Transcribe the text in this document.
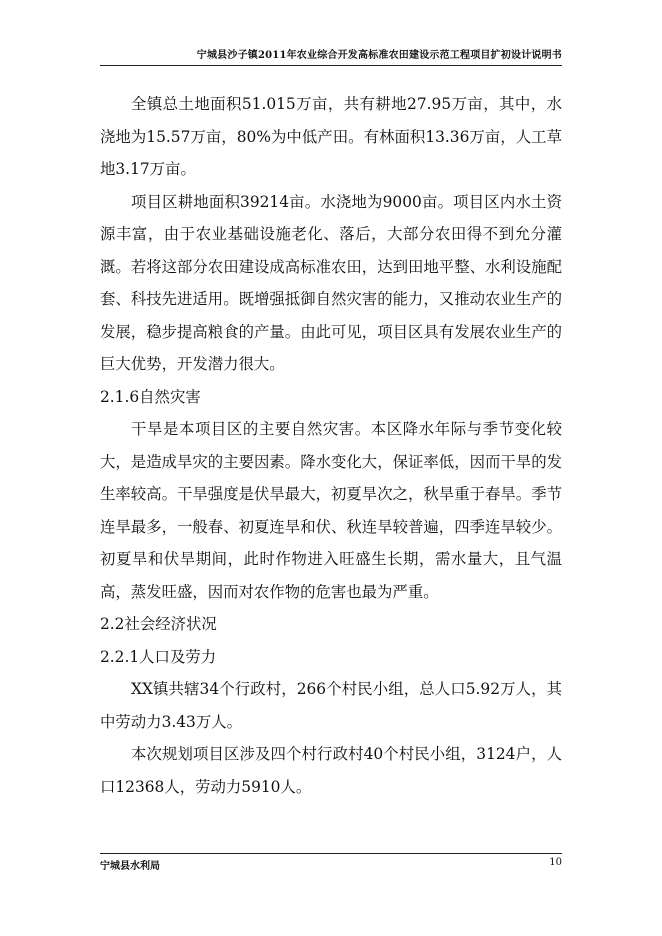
宁城县沙子镇2011年农业综合开发高标准农田建设示范工程项目扩初设计说明书

全镇总土地面积51.015万亩，共有耕地27.95万亩，其中，水浇地为15.57万亩，80%为中低产田。有林面积13.36万亩，人工草地3.17万亩。

项目区耕地面积39214亩。水浇地为9000亩。项目区内水土资源丰富，由于农业基础设施老化、落后，大部分农田得不到允分灌溉。若将这部分农田建设成高标准农田，达到田地平整、水利设施配套、科技先进适用。既增强抵御自然灾害的能力，又推动农业生产的发展，稳步提高粮食的产量。由此可见，项目区具有发展农业生产的巨大优势，开发潜力很大。

2.1.6自然灾害

干旱是本项目区的主要自然灾害。本区降水年际与季节变化较大，是造成旱灾的主要因素。降水变化大，保证率低，因而干旱的发生率较高。干旱强度是伏旱最大，初夏旱次之，秋旱重于春旱。季节连旱最多，一般春、初夏连旱和伏、秋连旱较普遍，四季连旱较少。初夏旱和伏旱期间，此时作物进入旺盛生长期，需水量大，且气温高，蒸发旺盛，因而对农作物的危害也最为严重。

2.2社会经济状况

2.2.1人口及劳力

XX镇共辖34个行政村，266个村民小组，总人口5.92万人，其中劳动力3.43万人。

本次规划项目区涉及四个村行政村40个村民小组，3124户，人口12368人，劳动力5910人。

宁城县水利局	10
